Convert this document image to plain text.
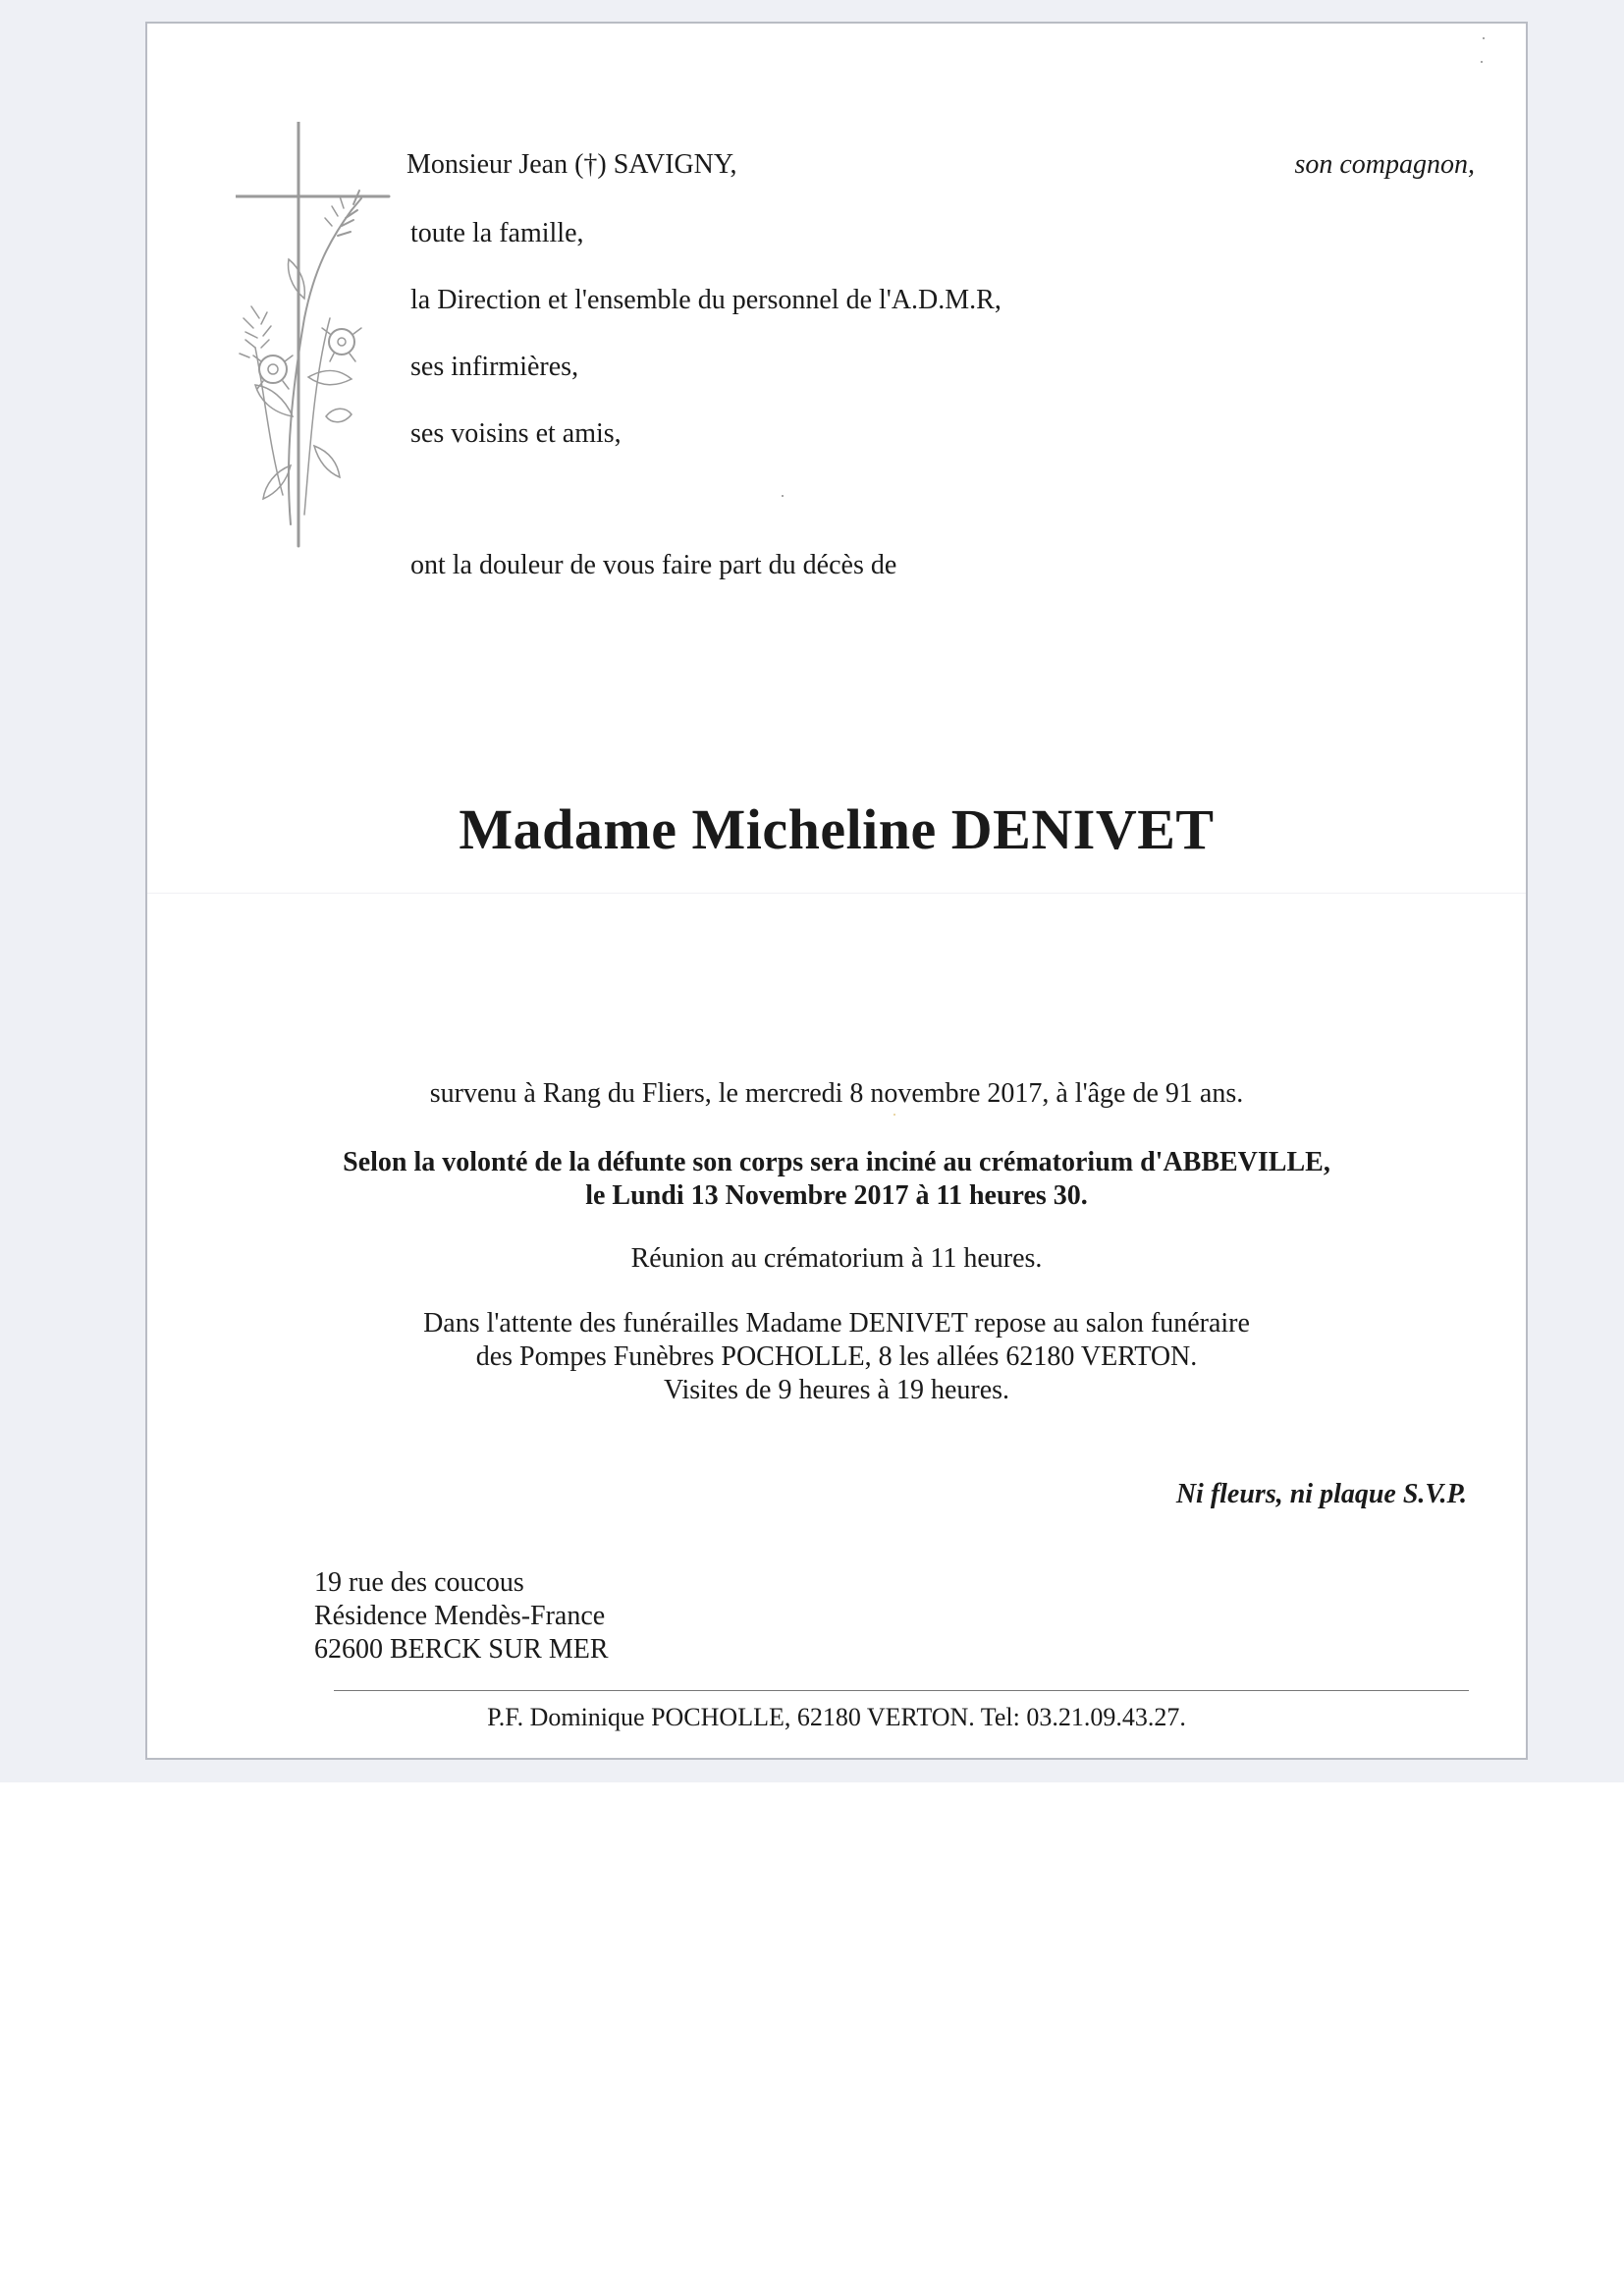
Monsieur Jean (†) SAVIGNY,	son compagnon,
toute la famille,
la Direction et l'ensemble du personnel de l'A.D.M.R,
ses infirmières,
ses voisins et amis,
ont la douleur de vous faire part du décès de
Madame Micheline DENIVET
survenu à Rang du Fliers, le mercredi 8 novembre 2017, à l'âge de 91 ans.
Selon la volonté de la défunte son corps sera inciné au crématorium d'ABBEVILLE,
le Lundi 13 Novembre 2017 à 11 heures 30.
Réunion au crématorium à 11 heures.
Dans l'attente des funérailles Madame DENIVET repose au salon funéraire
des Pompes Funèbres POCHOLLE, 8 les allées 62180 VERTON.
Visites de 9 heures à 19 heures.
Ni fleurs, ni plaque S.V.P.
19 rue des coucous
Résidence Mendès-France
62600 BERCK SUR MER
P.F. Dominique POCHOLLE, 62180 VERTON. Tel: 03.21.09.43.27.
